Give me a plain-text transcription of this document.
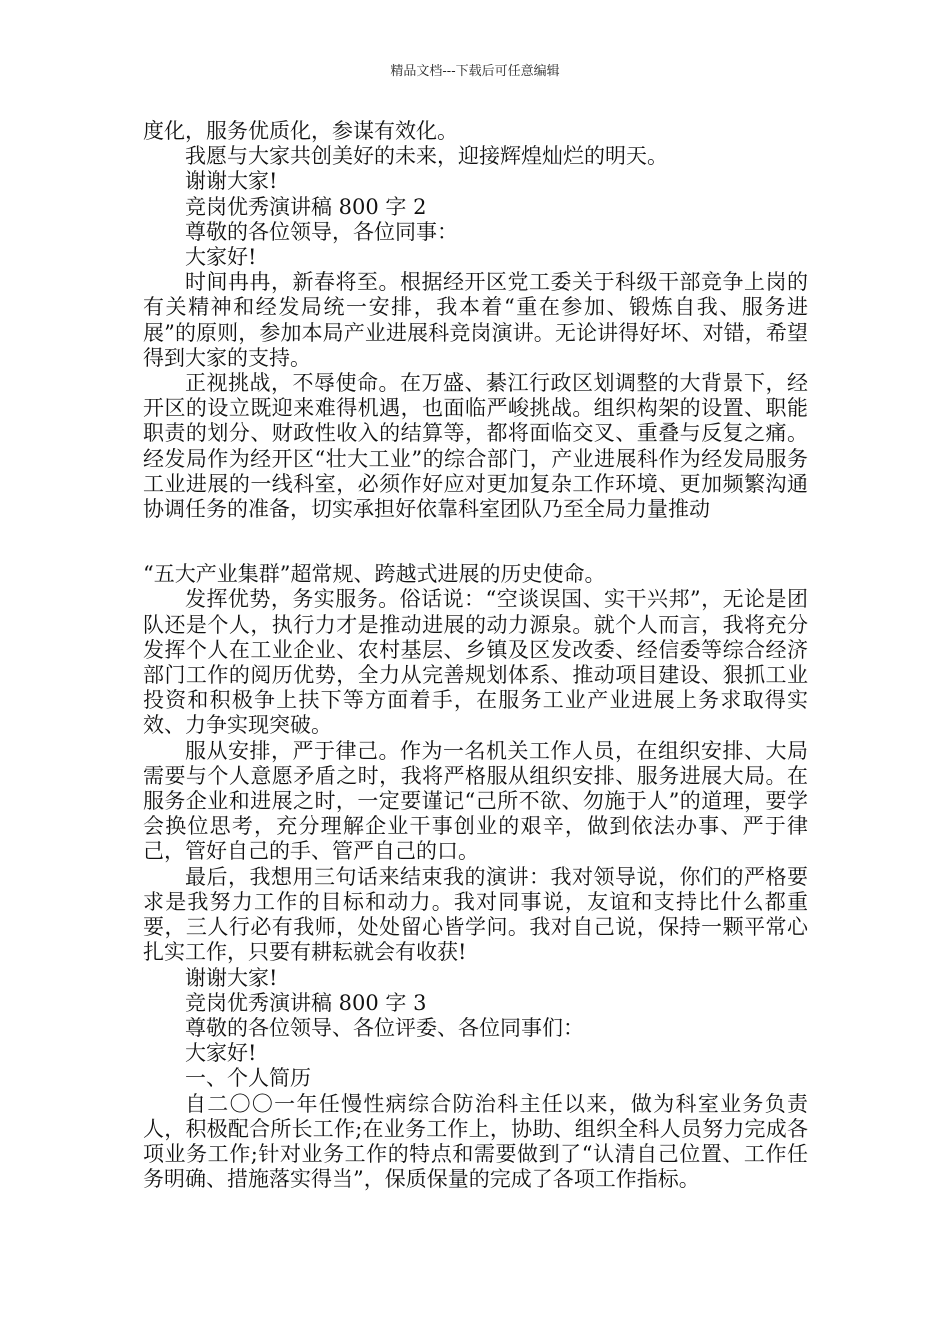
精品文档---下载后可任意编辑

度化，服务优质化，参谋有效化。

我愿与大家共创美好的未来，迎接辉煌灿烂的明天。

谢谢大家!

竞岗优秀演讲稿 800 字 2

尊敬的各位领导，各位同事：

大家好!

时间冉冉，新春将至。根据经开区党工委关于科级干部竞争上岗的有关精神和经发局统一安排，我本着“重在参加、锻炼自我、服务进展”的原则，参加本局产业进展科竞岗演讲。无论讲得好坏、对错，希望得到大家的支持。

正视挑战，不辱使命。在万盛、綦江行政区划调整的大背景下，经开区的设立既迎来难得机遇，也面临严峻挑战。组织构架的设置、职能职责的划分、财政性收入的结算等，都将面临交叉、重叠与反复之痛。经发局作为经开区“壮大工业”的综合部门，产业进展科作为经发局服务工业进展的一线科室，必须作好应对更加复杂工作环境、更加频繁沟通协调任务的准备，切实承担好依靠科室团队乃至全局力量推动

“五大产业集群”超常规、跨越式进展的历史使命。

发挥优势，务实服务。俗话说：“空谈误国、实干兴邦”，无论是团队还是个人，执行力才是推动进展的动力源泉。就个人而言，我将充分发挥个人在工业企业、农村基层、乡镇及区发改委、经信委等综合经济部门工作的阅历优势，全力从完善规划体系、推动项目建设、狠抓工业投资和积极争上扶下等方面着手，在服务工业产业进展上务求取得实效、力争实现突破。

服从安排，严于律己。作为一名机关工作人员，在组织安排、大局需要与个人意愿矛盾之时，我将严格服从组织安排、服务进展大局。在服务企业和进展之时，一定要谨记“己所不欲、勿施于人”的道理，要学会换位思考，充分理解企业干事创业的艰辛，做到依法办事、严于律己，管好自己的手、管严自己的口。

最后，我想用三句话来结束我的演讲：我对领导说，你们的严格要求是我努力工作的目标和动力。我对同事说，友谊和支持比什么都重要，三人行必有我师，处处留心皆学问。我对自己说，保持一颗平常心扎实工作，只要有耕耘就会有收获!

谢谢大家!

竞岗优秀演讲稿 800 字 3

尊敬的各位领导、各位评委、各位同事们：

大家好!

一、个人简历

自二〇〇一年任慢性病综合防治科主任以来，做为科室业务负责人，积极配合所长工作;在业务工作上，协助、组织全科人员努力完成各项业务工作;针对业务工作的特点和需要做到了“认清自己位置、工作任务明确、措施落实得当”，保质保量的完成了各项工作指标。
